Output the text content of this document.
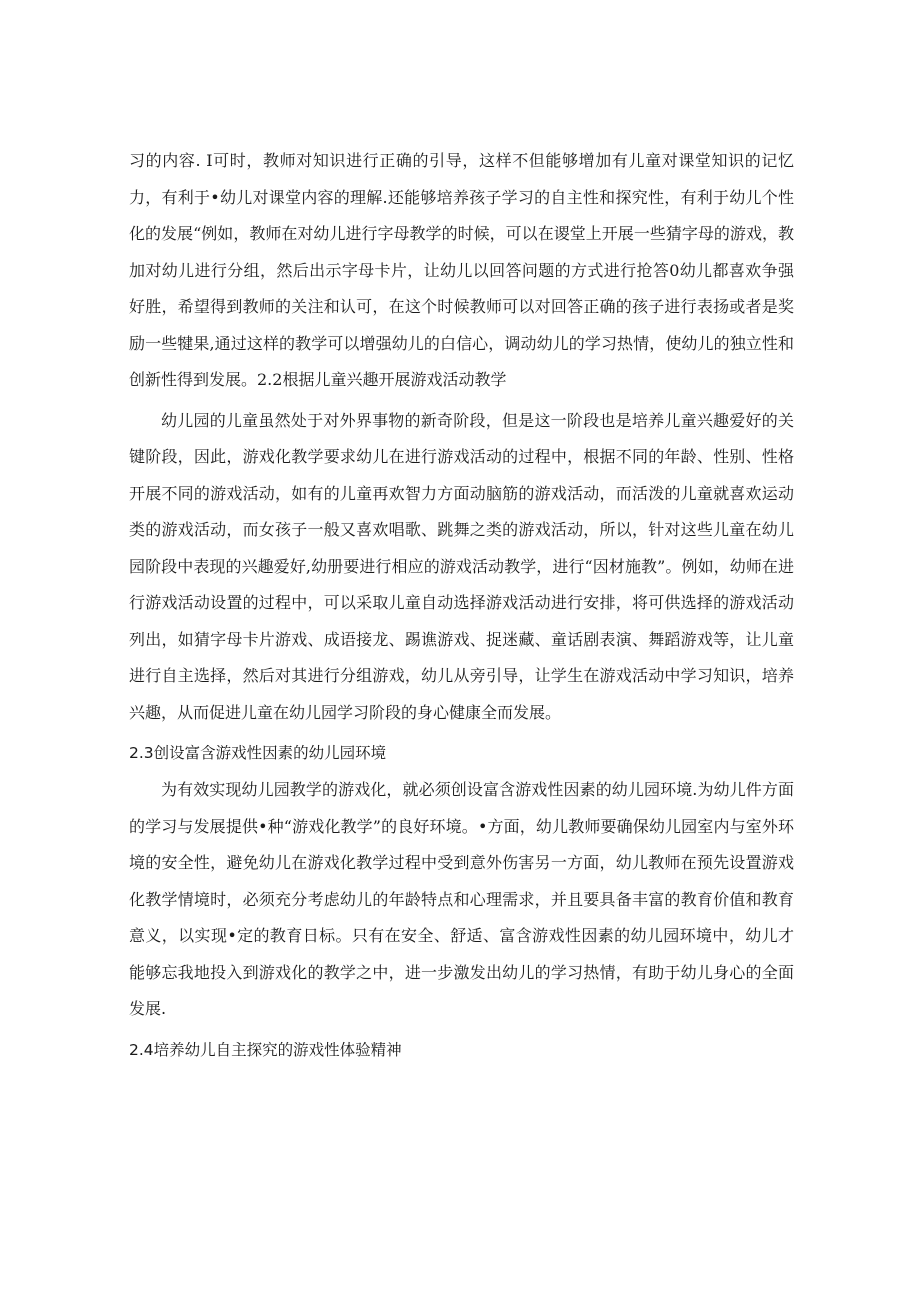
习的内容. I可时，教师对知识进行正确的引导，这样不但能够增加有儿童对课堂知识的记忆力，有利于•幼儿对课堂内容的理解.还能够培养孩子学习的自主性和探究性，有利于幼儿个性化的发展“例如，教师在对幼儿进行字母教学的时候，可以在谡堂上开展一些猜字母的游戏，教加对幼儿进行分组，然后出示字母卡片，让幼儿以回答问题的方式进行抢答0幼儿都喜欢争强好胜，希望得到教师的关注和认可，在这个时候教师可以对回答正确的孩子进行表扬或者是奖励一些犍果,通过这样的教学可以增强幼儿的白信心，调动幼儿的学习热情，使幼儿的独立性和创新性得到发展。2.2根据儿童兴趣开展游戏活动教学

幼儿园的儿童虽然处于对外界事物的新奇阶段，但是这一阶段也是培养儿童兴趣爱好的关键阶段，因此，游戏化教学要求幼儿在进行游戏活动的过程中，根据不同的年龄、性别、性格开展不同的游戏活动，如有的儿童再欢智力方面动脑筋的游戏活动，而活泼的儿童就喜欢运动类的游戏活动，而女孩子一般又喜欢唱歌、跳舞之类的游戏活动，所以，针对这些儿童在幼儿园阶段中表现的兴趣爱好,幼册要进行相应的游戏活动教学，进行“因材施教”。例如，幼师在进行游戏活动设置的过程中，可以采取儿童自动选择游戏活动进行安排，将可供选择的游戏活动列出，如猜字母卡片游戏、成语接龙、踢谯游戏、捉迷藏、童话剧表演、舞蹈游戏等，让儿童进行自主选择，然后对其进行分组游戏，幼儿从旁引导，让学生在游戏活动中学习知识，培养兴趣，从而促进儿童在幼儿园学习阶段的身心健康全而发展。

2.3创设富含游戏性因素的幼儿园环境

为有效实现幼儿园教学的游戏化，就必须创设富含游戏性因素的幼儿园环境.为幼儿件方面的学习与发展提供•种“游戏化教学”的良好环境。•方面，幼儿教师要确保幼儿园室内与室外环境的安全性，避免幼儿在游戏化教学过程中受到意外伤害另一方面，幼儿教师在预先设置游戏化教学情境时，必须充分考虑幼儿的年龄特点和心理需求，并且要具备丰富的教育价值和教育意义，以实现•定的教育日标。只有在安全、舒适、富含游戏性因素的幼儿园环境中，幼儿才能够忘我地投入到游戏化的教学之中，进一步激发出幼儿的学习热情，有助于幼儿身心的全面发展.

2.4培养幼儿自主探究的游戏性体验精神
